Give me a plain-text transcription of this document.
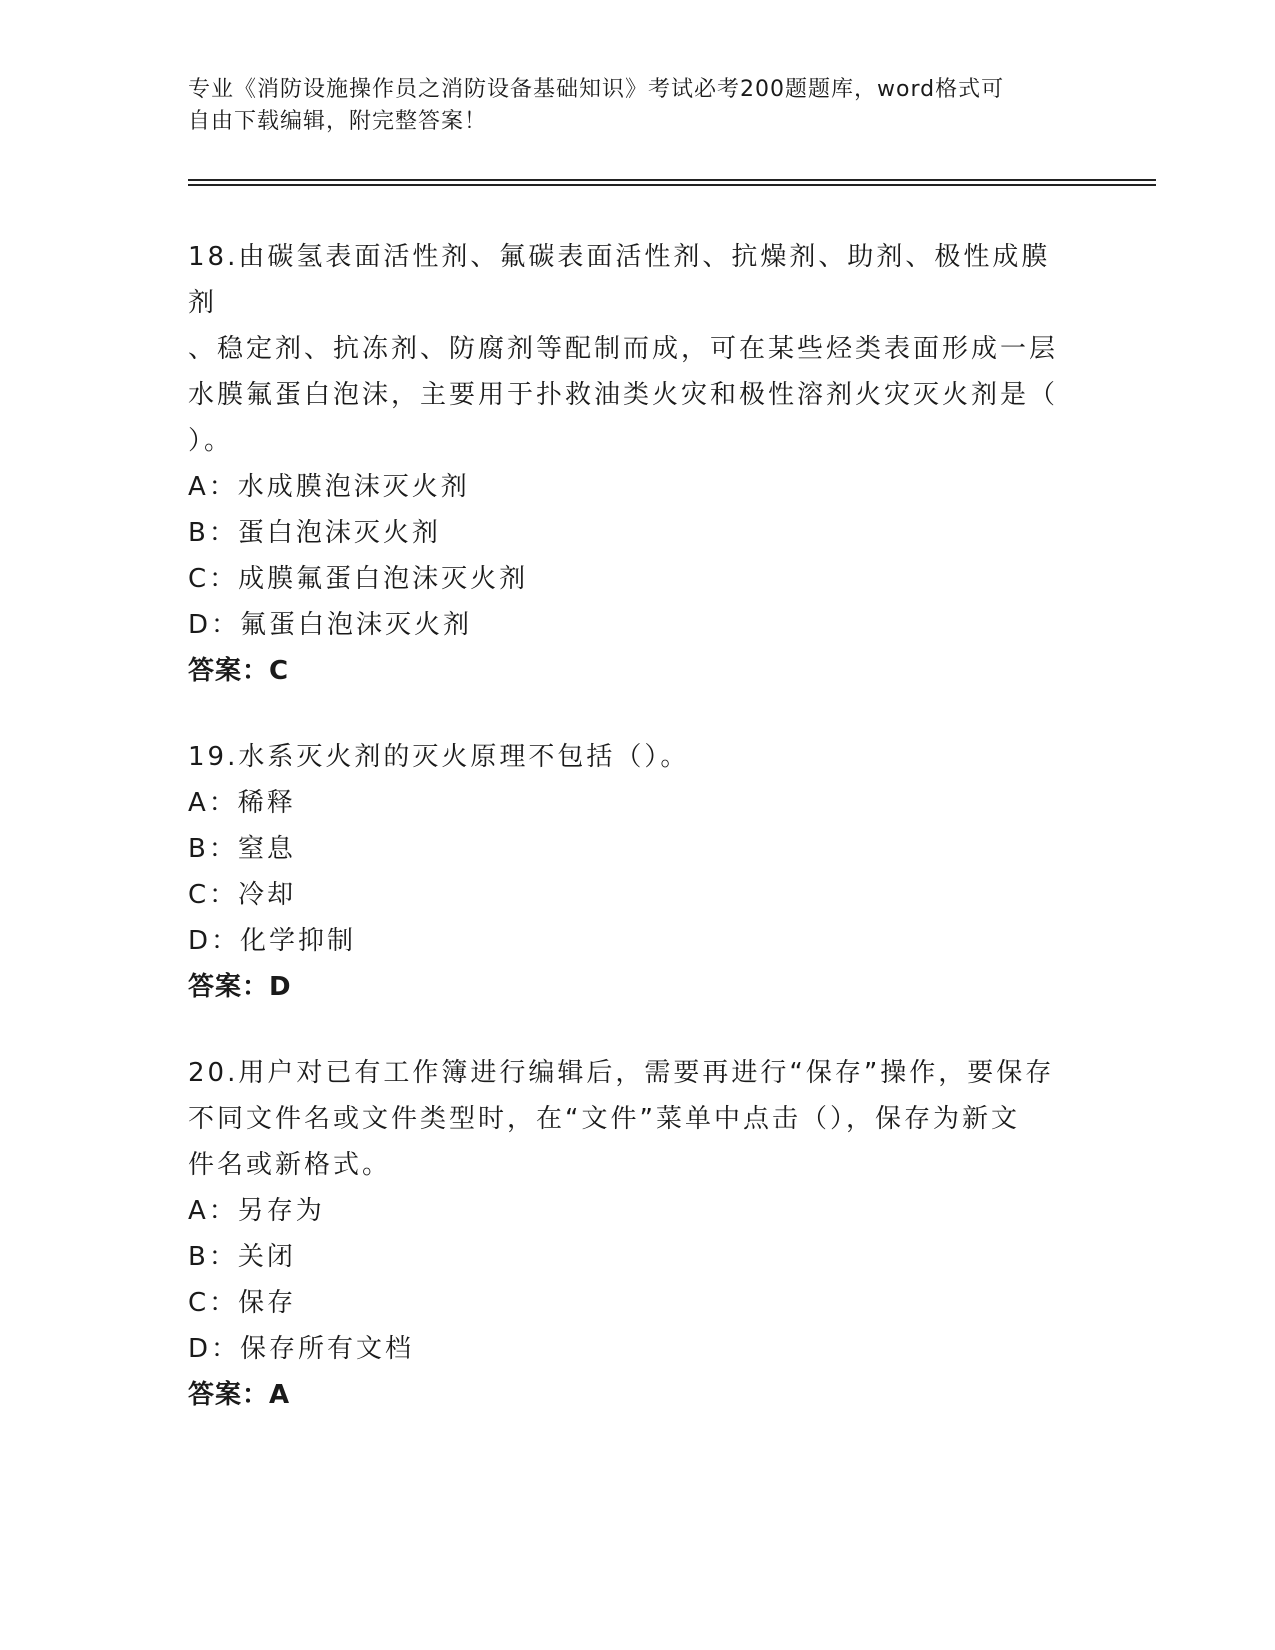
专业《消防设施操作员之消防设备基础知识》考试必考200题题库，word格式可
自由下载编辑，附完整答案！
18.由碳氢表面活性剂、氟碳表面活性剂、抗燥剂、助剂、极性成膜剂
、稳定剂、抗冻剂、防腐剂等配制而成，可在某些烃类表面形成一层
水膜氟蛋白泡沫，主要用于扑救油类火灾和极性溶剂火灾灭火剂是（
）。
A：水成膜泡沫灭火剂
B：蛋白泡沫灭火剂
C：成膜氟蛋白泡沫灭火剂
D：氟蛋白泡沫灭火剂
答案：C
19.水系灭火剂的灭火原理不包括（）。
A：稀释
B：窒息
C：冷却
D：化学抑制
答案：D
20.用户对已有工作簿进行编辑后，需要再进行“保存”操作，要保存
不同文件名或文件类型时，在“文件”菜单中点击（），保存为新文
件名或新格式。
A：另存为
B：关闭
C：保存
D：保存所有文档
答案：A
